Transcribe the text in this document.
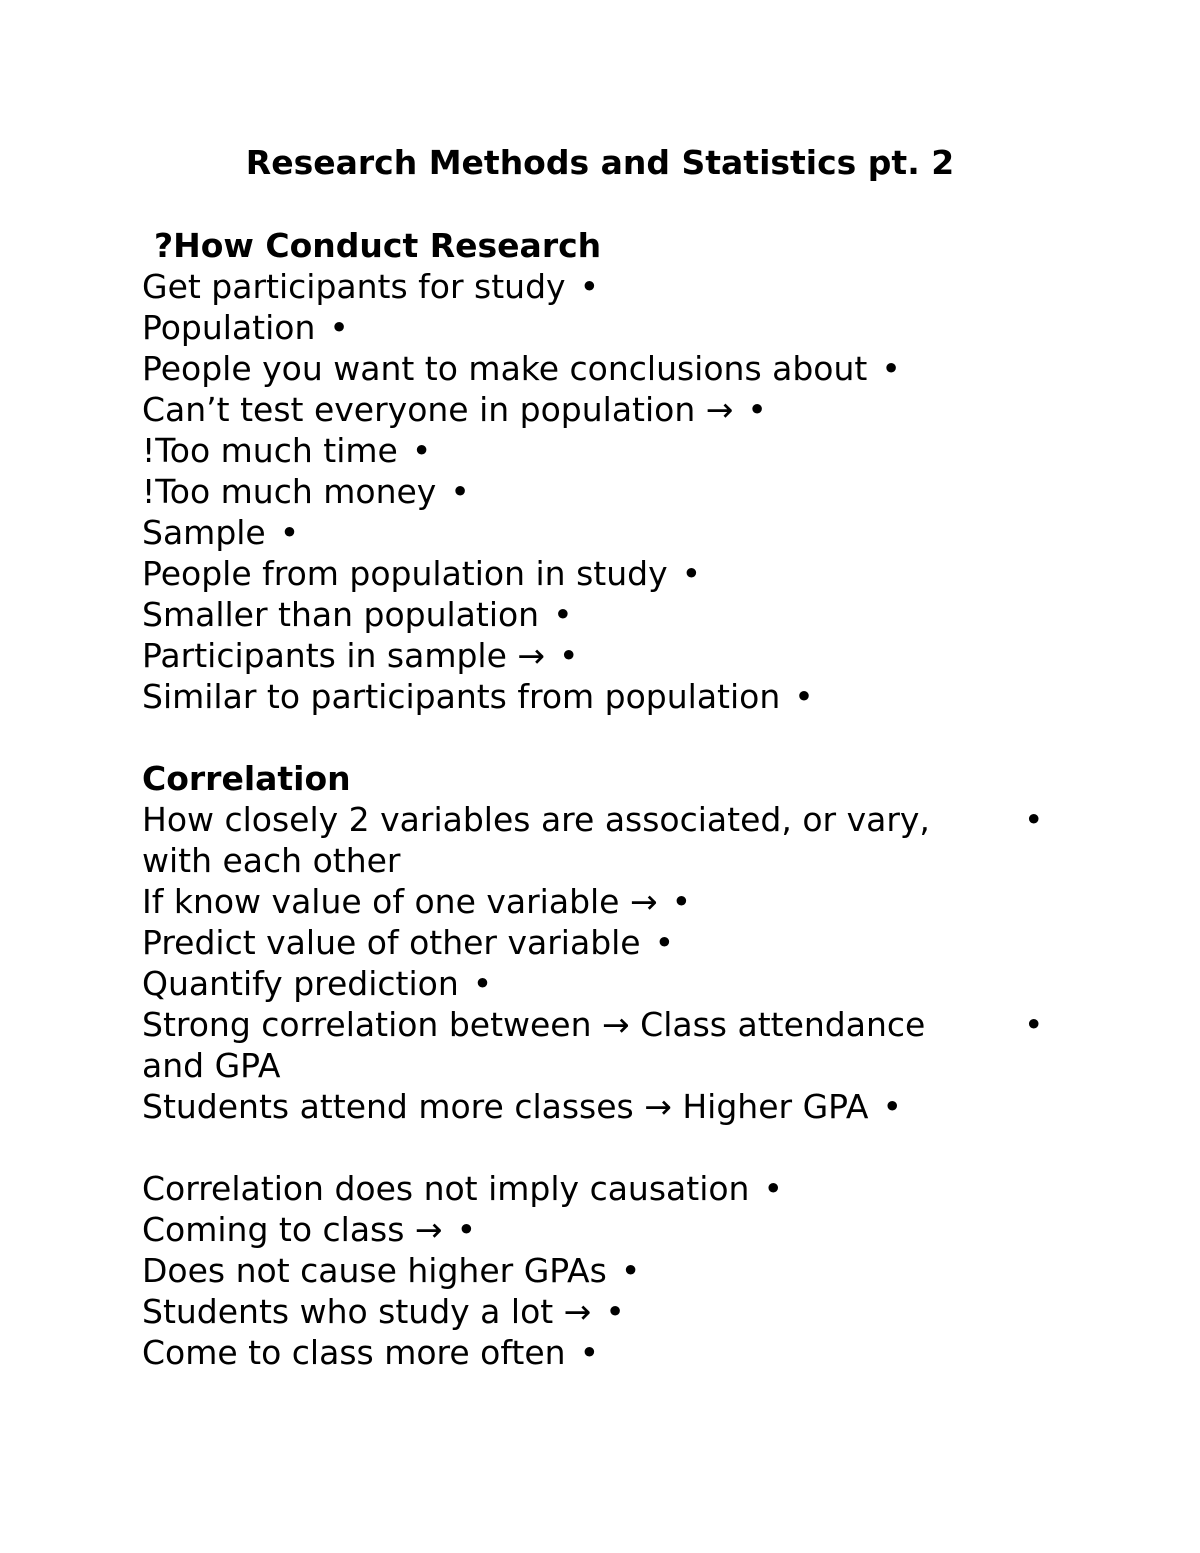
Research Methods and Statistics pt. 2
?How Conduct Research
Get participants for study •
Population •
People you want to make conclusions about •
Can’t test everyone in population → •
!Too much time •
!Too much money •
Sample •
People from population in study •
Smaller than population •
Participants in sample → •
Similar to participants from population •
Correlation
How closely 2 variables are associated, or vary,
with each other
•
If know value of one variable → •
Predict value of other variable •
Quantify prediction •
Strong correlation between → Class attendance
and GPA
•
Students attend more classes → Higher GPA •
Correlation does not imply causation •
Coming to class → •
Does not cause higher GPAs •
Students who study a lot → •
Come to class more often •
